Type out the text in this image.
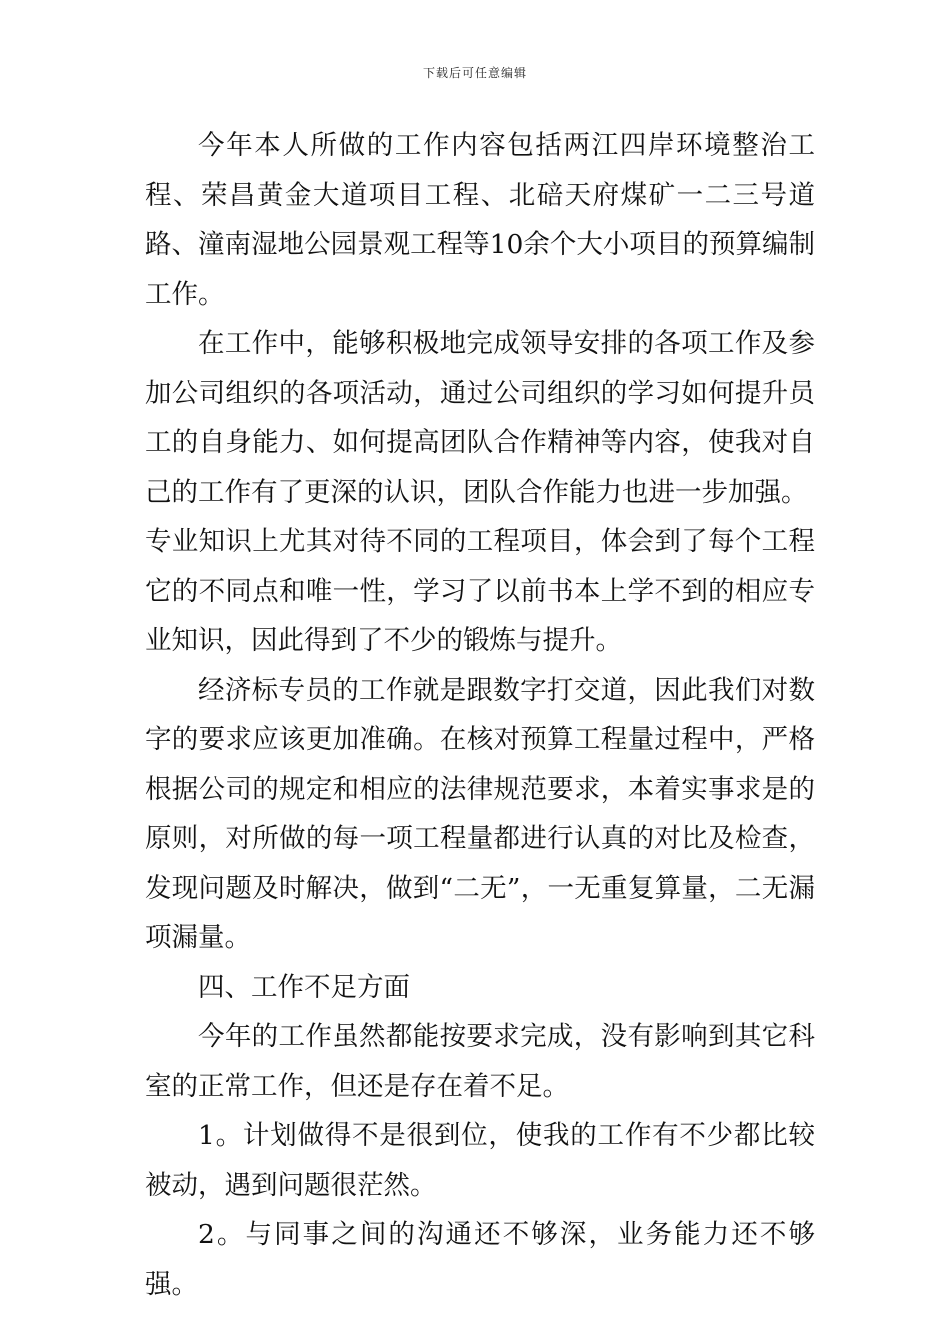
下载后可任意编辑

今年本人所做的工作内容包括两江四岸环境整治工程、荣昌黄金大道项目工程、北碚天府煤矿一二三号道路、潼南湿地公园景观工程等10余个大小项目的预算编制工作。

在工作中，能够积极地完成领导安排的各项工作及参加公司组织的各项活动，通过公司组织的学习如何提升员工的自身能力、如何提高团队合作精神等内容，使我对自己的工作有了更深的认识，团队合作能力也进一步加强。

专业知识上尤其对待不同的工程项目，体会到了每个工程它的不同点和唯一性，学习了以前书本上学不到的相应专业知识，因此得到了不少的锻炼与提升。

经济标专员的工作就是跟数字打交道，因此我们对数字的要求应该更加准确。在核对预算工程量过程中，严格根据公司的规定和相应的法律规范要求，本着实事求是的原则，对所做的每一项工程量都进行认真的对比及检查，发现问题及时解决，做到“二无”，一无重复算量，二无漏项漏量。

四、工作不足方面

今年的工作虽然都能按要求完成，没有影响到其它科室的正常工作，但还是存在着不足。

1。计划做得不是很到位，使我的工作有不少都比较被动，遇到问题很茫然。

2。与同事之间的沟通还不够深，业务能力还不够强。
